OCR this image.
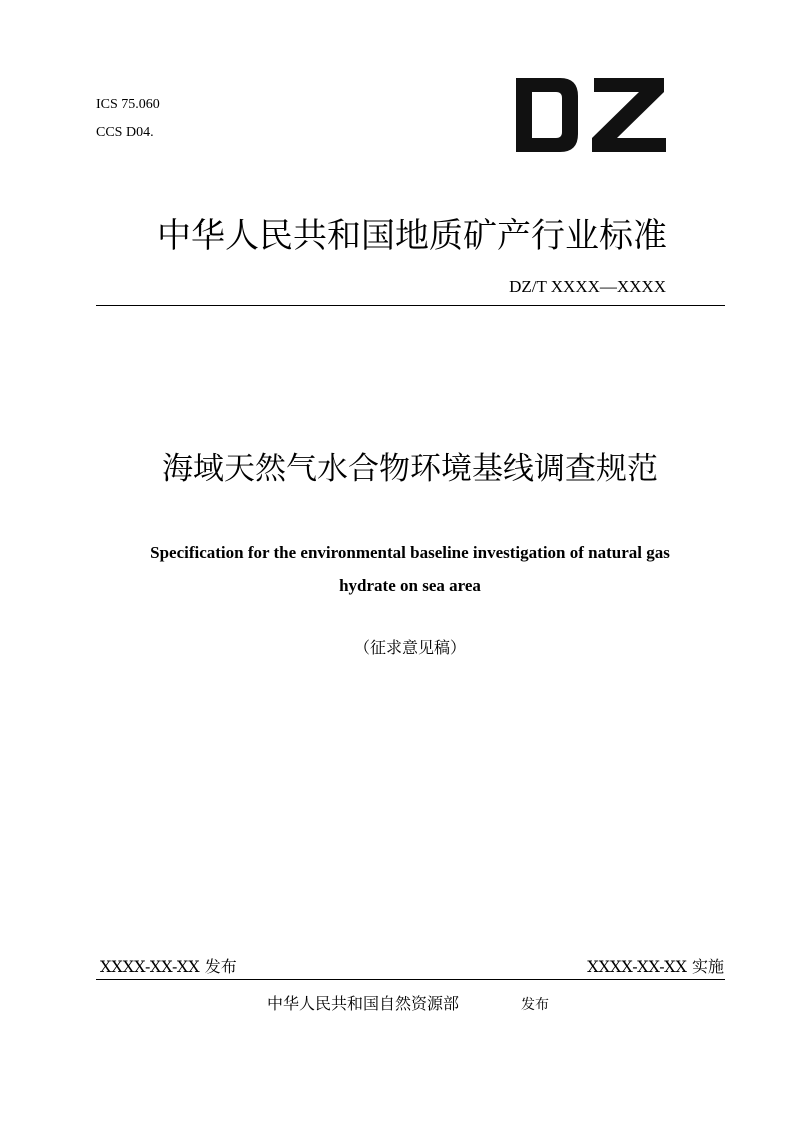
ICS 75.060
CCS D04.
中华人民共和国地质矿产行业标准
DZ/T XXXX—XXXX
海域天然气水合物环境基线调查规范
Specification for the environmental baseline investigation of natural gas
hydrate on sea area
（征求意见稿）
XXXX-XX-XX 发布	XXXX-XX-XX 实施
中华人民共和国自然资源部	发布
